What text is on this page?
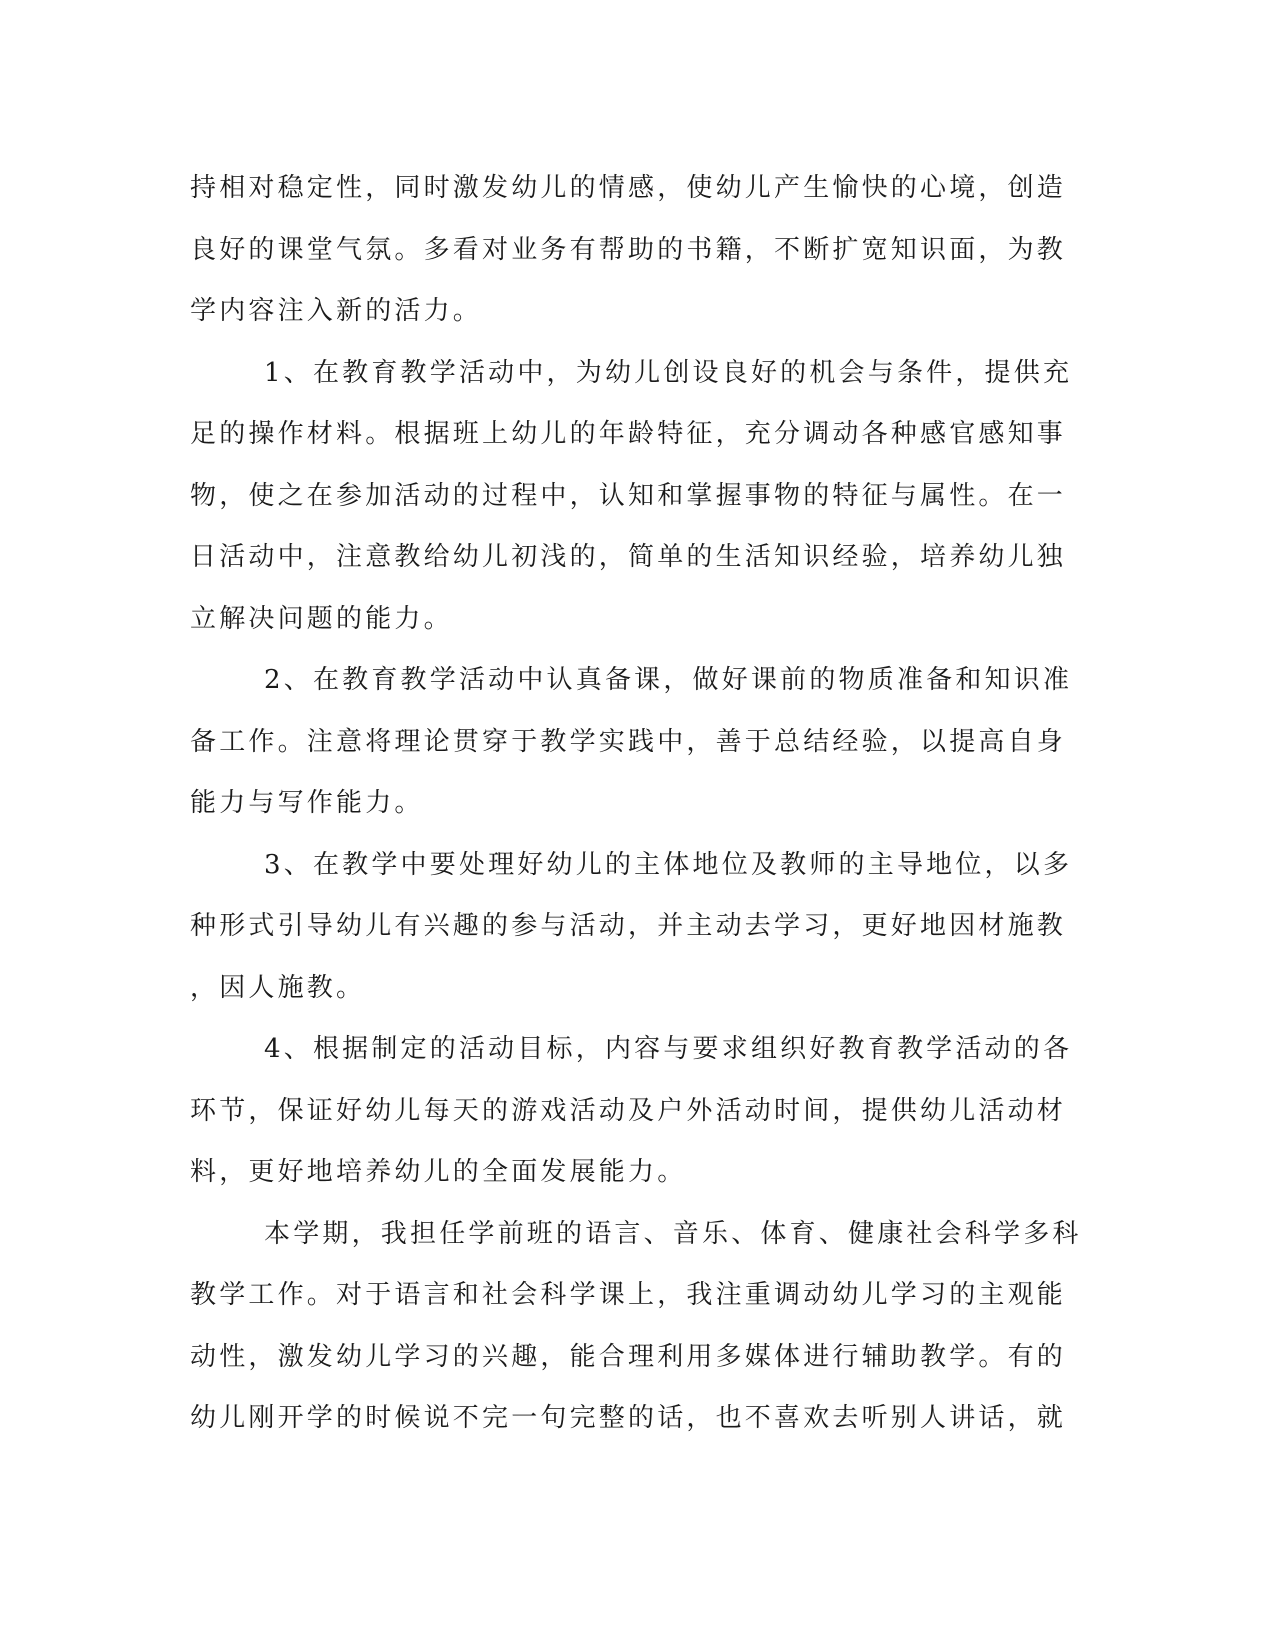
持相对稳定性，同时激发幼儿的情感，使幼儿产生愉快的心境，创造
良好的课堂气氛。多看对业务有帮助的书籍，不断扩宽知识面，为教
学内容注入新的活力。
1、在教育教学活动中，为幼儿创设良好的机会与条件，提供充
足的操作材料。根据班上幼儿的年龄特征，充分调动各种感官感知事
物，使之在参加活动的过程中，认知和掌握事物的特征与属性。在一
日活动中，注意教给幼儿初浅的，简单的生活知识经验，培养幼儿独
立解决问题的能力。
2、在教育教学活动中认真备课，做好课前的物质准备和知识准
备工作。注意将理论贯穿于教学实践中，善于总结经验，以提高自身
能力与写作能力。
3、在教学中要处理好幼儿的主体地位及教师的主导地位，以多
种形式引导幼儿有兴趣的参与活动，并主动去学习，更好地因材施教
，因人施教。
4、根据制定的活动目标，内容与要求组织好教育教学活动的各
环节，保证好幼儿每天的游戏活动及户外活动时间，提供幼儿活动材
料，更好地培养幼儿的全面发展能力。
本学期，我担任学前班的语言、音乐、体育、健康社会科学多科
教学工作。对于语言和社会科学课上，我注重调动幼儿学习的主观能
动性，激发幼儿学习的兴趣，能合理利用多媒体进行辅助教学。有的
幼儿刚开学的时候说不完一句完整的话，也不喜欢去听别人讲话，就
